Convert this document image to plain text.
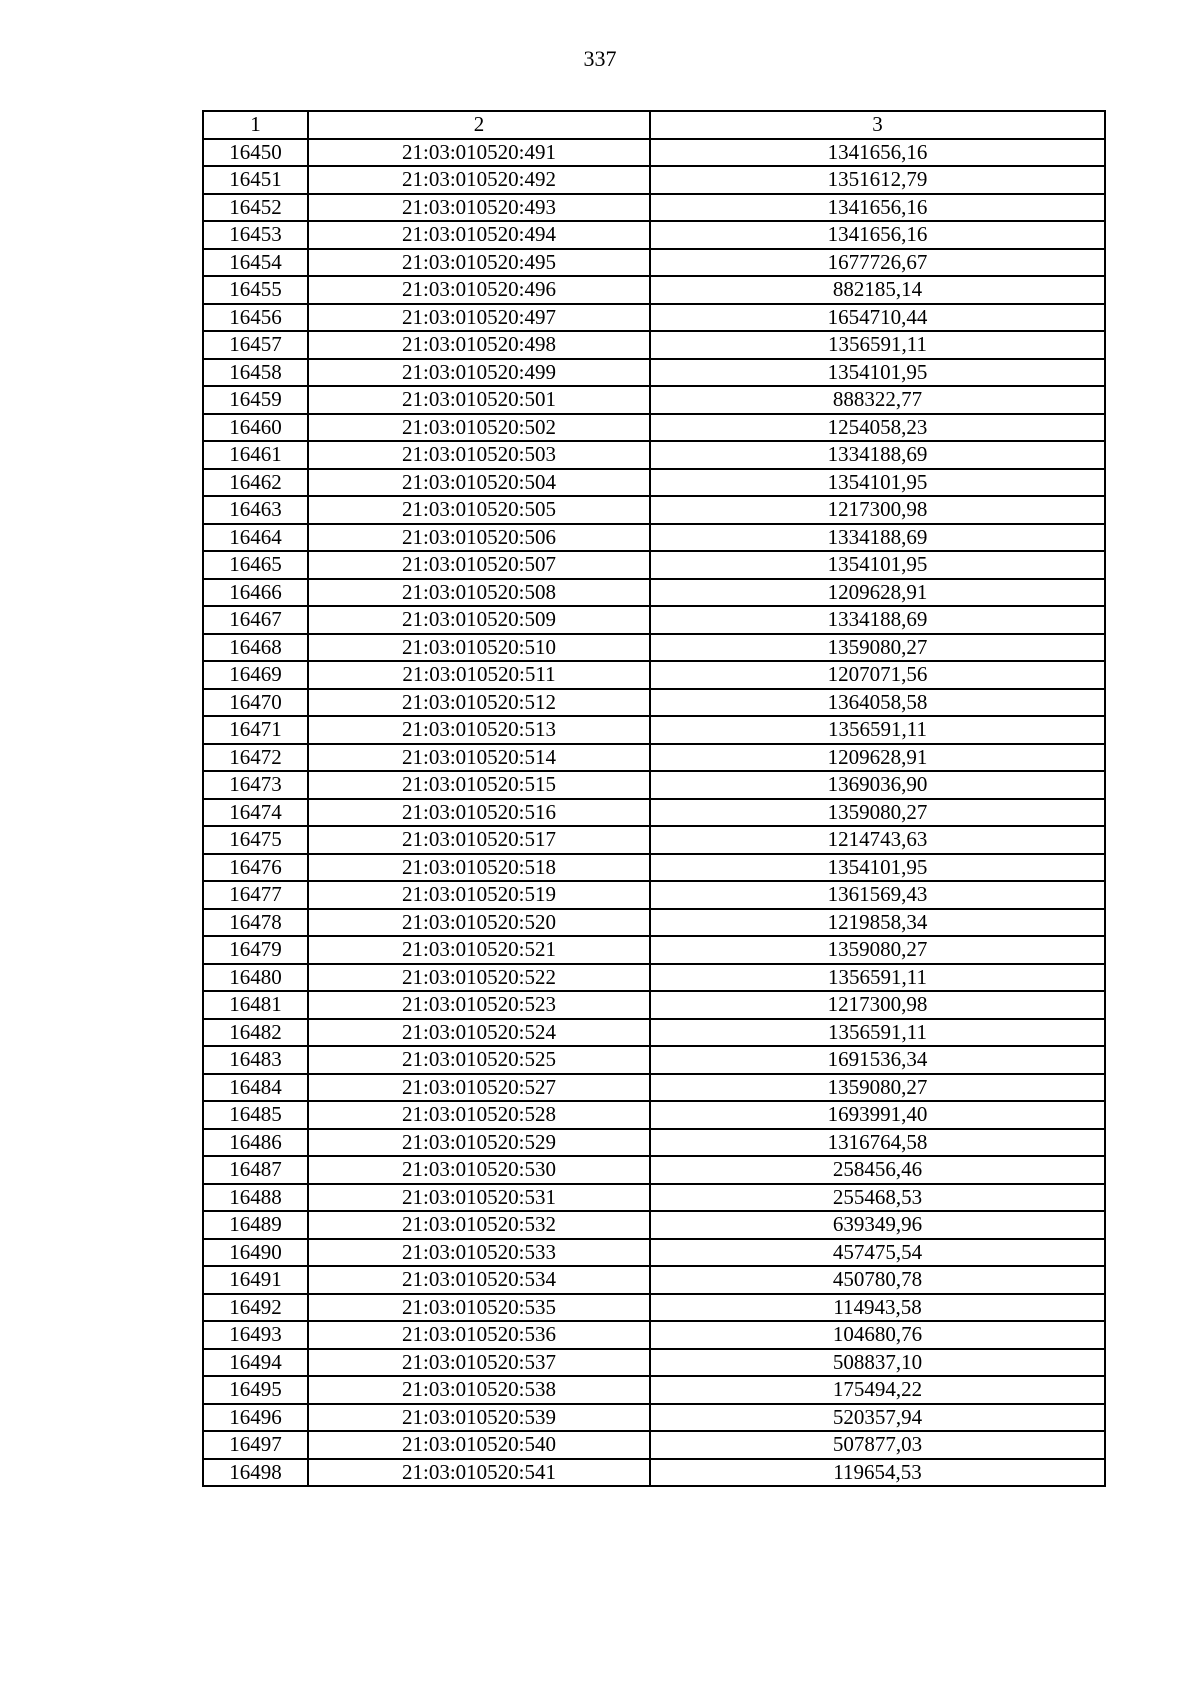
337
1	2	3
16450	21:03:010520:491	1341656,16
16451	21:03:010520:492	1351612,79
16452	21:03:010520:493	1341656,16
16453	21:03:010520:494	1341656,16
16454	21:03:010520:495	1677726,67
16455	21:03:010520:496	882185,14
16456	21:03:010520:497	1654710,44
16457	21:03:010520:498	1356591,11
16458	21:03:010520:499	1354101,95
16459	21:03:010520:501	888322,77
16460	21:03:010520:502	1254058,23
16461	21:03:010520:503	1334188,69
16462	21:03:010520:504	1354101,95
16463	21:03:010520:505	1217300,98
16464	21:03:010520:506	1334188,69
16465	21:03:010520:507	1354101,95
16466	21:03:010520:508	1209628,91
16467	21:03:010520:509	1334188,69
16468	21:03:010520:510	1359080,27
16469	21:03:010520:511	1207071,56
16470	21:03:010520:512	1364058,58
16471	21:03:010520:513	1356591,11
16472	21:03:010520:514	1209628,91
16473	21:03:010520:515	1369036,90
16474	21:03:010520:516	1359080,27
16475	21:03:010520:517	1214743,63
16476	21:03:010520:518	1354101,95
16477	21:03:010520:519	1361569,43
16478	21:03:010520:520	1219858,34
16479	21:03:010520:521	1359080,27
16480	21:03:010520:522	1356591,11
16481	21:03:010520:523	1217300,98
16482	21:03:010520:524	1356591,11
16483	21:03:010520:525	1691536,34
16484	21:03:010520:527	1359080,27
16485	21:03:010520:528	1693991,40
16486	21:03:010520:529	1316764,58
16487	21:03:010520:530	258456,46
16488	21:03:010520:531	255468,53
16489	21:03:010520:532	639349,96
16490	21:03:010520:533	457475,54
16491	21:03:010520:534	450780,78
16492	21:03:010520:535	114943,58
16493	21:03:010520:536	104680,76
16494	21:03:010520:537	508837,10
16495	21:03:010520:538	175494,22
16496	21:03:010520:539	520357,94
16497	21:03:010520:540	507877,03
16498	21:03:010520:541	119654,53
